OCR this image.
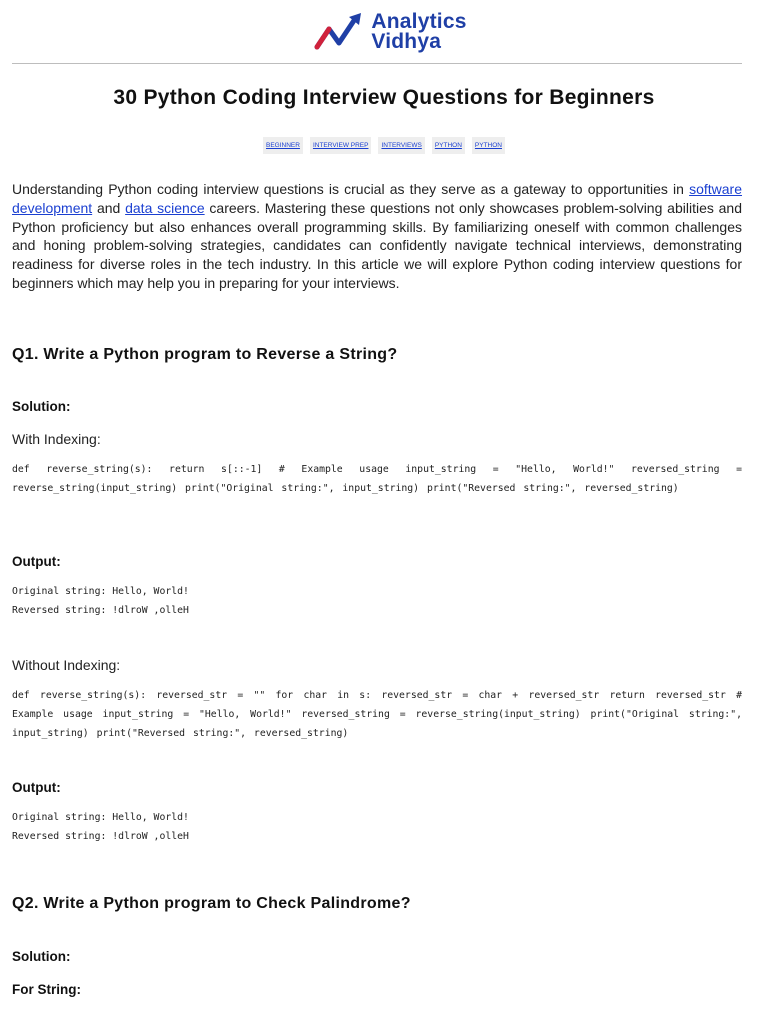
Analytics
Vidhya
30 Python Coding Interview Questions for Beginners
BEGINNER	INTERVIEW PREP	INTERVIEWS	PYTHON	PYTHON

Understanding Python coding interview questions is crucial as they serve as a gateway to opportunities in software development and data science careers. Mastering these questions not only showcases problem-solving abilities and Python proficiency but also enhances overall programming skills. By familiarizing oneself with common challenges and honing problem-solving strategies, candidates can confidently navigate technical interviews, demonstrating readiness for diverse roles in the tech industry. In this article we will explore Python coding interview questions for beginners which may help you in preparing for your interviews.

Q1. Write a Python program to Reverse a String?

Solution:

With Indexing:

def reverse_string(s): return s[::-1] # Example usage input_string = "Hello, World!" reversed_string = reverse_string(input_string) print("Original string:", input_string) print("Reversed string:", reversed_string)

Output:

Original string: Hello, World!
Reversed string: !dlroW ,olleH

Without Indexing:

def reverse_string(s): reversed_str = "" for char in s: reversed_str = char + reversed_str return reversed_str # Example usage input_string = "Hello, World!" reversed_string = reverse_string(input_string) print("Original string:", input_string) print("Reversed string:", reversed_string)

Output:

Original string: Hello, World!
Reversed string: !dlroW ,olleH

Q2. Write a Python program to Check Palindrome?

Solution:

For String:
